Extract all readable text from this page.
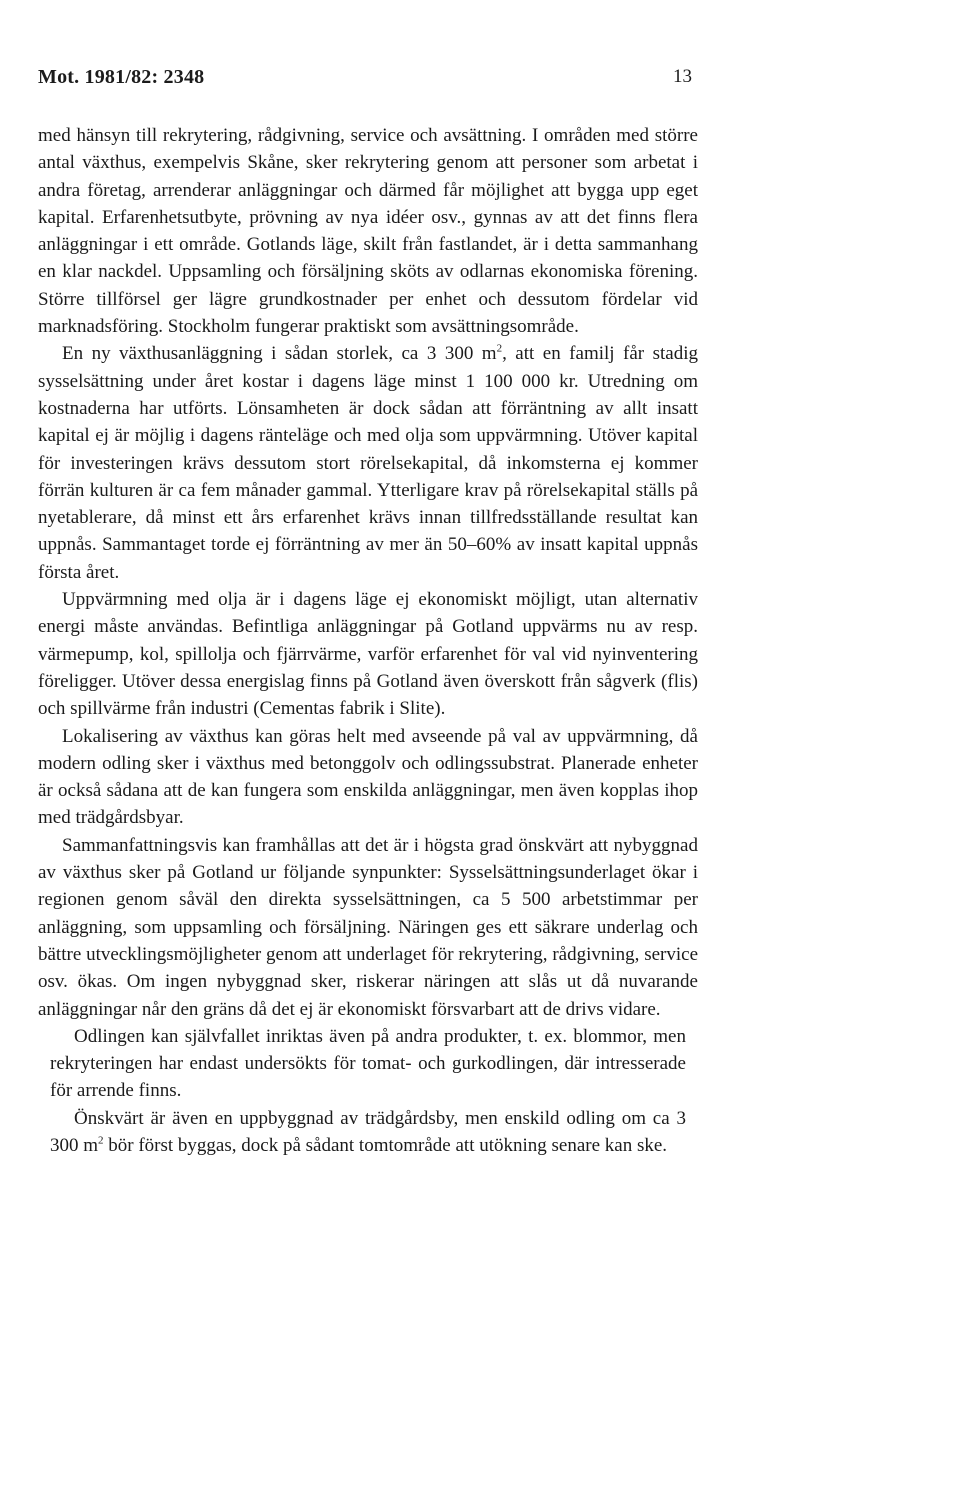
Mot. 1981/82: 2348	13

med hänsyn till rekrytering, rådgivning, service och avsättning. I områden med större antal växthus, exempelvis Skåne, sker rekrytering genom att personer som arbetat i andra företag, arrenderar anläggningar och därmed får möjlighet att bygga upp eget kapital. Erfarenhetsutbyte, prövning av nya idéer osv., gynnas av att det finns flera anläggningar i ett område. Gotlands läge, skilt från fastlandet, är i detta sammanhang en klar nackdel. Uppsamling och försäljning sköts av odlarnas ekonomiska förening. Större tillförsel ger lägre grundkostnader per enhet och dessutom fördelar vid marknadsföring. Stockholm fungerar praktiskt som avsättningsområde.

En ny växthusanläggning i sådan storlek, ca 3 300 $m^2$, att en familj får stadig sysselsättning under året kostar i dagens läge minst 1 100 000 kr. Utredning om kostnaderna har utförts. Lönsamheten är dock sådan att förräntning av allt insatt kapital ej är möjlig i dagens ränteläge och med olja som uppvärmning. Utöver kapital för investeringen krävs dessutom stort rörelsekapital, då inkomsterna ej kommer förrän kulturen är ca fem månader gammal. Ytterligare krav på rörelsekapital ställs på nyetablerare, då minst ett års erfarenhet krävs innan tillfredsställande resultat kan uppnås. Sammantaget torde ej förräntning av mer än 50–60% av insatt kapital uppnås första året.

Uppvärmning med olja är i dagens läge ej ekonomiskt möjligt, utan alternativ energi måste användas. Befintliga anläggningar på Gotland uppvärms nu av resp. värmepump, kol, spillolja och fjärrvärme, varför erfarenhet för val vid nyinventering föreligger. Utöver dessa energislag finns på Gotland även överskott från sågverk (flis) och spillvärme från industri (Cementas fabrik i Slite).

Lokalisering av växthus kan göras helt med avseende på val av uppvärmning, då modern odling sker i växthus med betonggolv och odlingssubstrat. Planerade enheter är också sådana att de kan fungera som enskilda anläggningar, men även kopplas ihop med trädgårdsbyar.

Sammanfattningsvis kan framhållas att det är i högsta grad önskvärt att nybyggnad av växthus sker på Gotland ur följande synpunkter: Sysselsättningsunderlaget ökar i regionen genom såväl den direkta sysselsättningen, ca 5 500 arbetstimmar per anläggning, som uppsamling och försäljning. Näringen ges ett säkrare underlag och bättre utvecklingsmöjligheter genom att underlaget för rekrytering, rådgivning, service osv. ökas. Om ingen nybyggnad sker, riskerar näringen att slås ut då nuvarande anläggningar når den gräns då det ej är ekonomiskt försvarbart att de drivs vidare.

Odlingen kan självfallet inriktas även på andra produkter, t. ex. blommor, men rekryteringen har endast undersökts för tomat- och gurkodlingen, där intresserade för arrende finns.

Önskvärt är även en uppbyggnad av trädgårdsby, men enskild odling om ca 3 300 $m^2$ bör först byggas, dock på sådant tomtområde att utökning senare kan ske.
